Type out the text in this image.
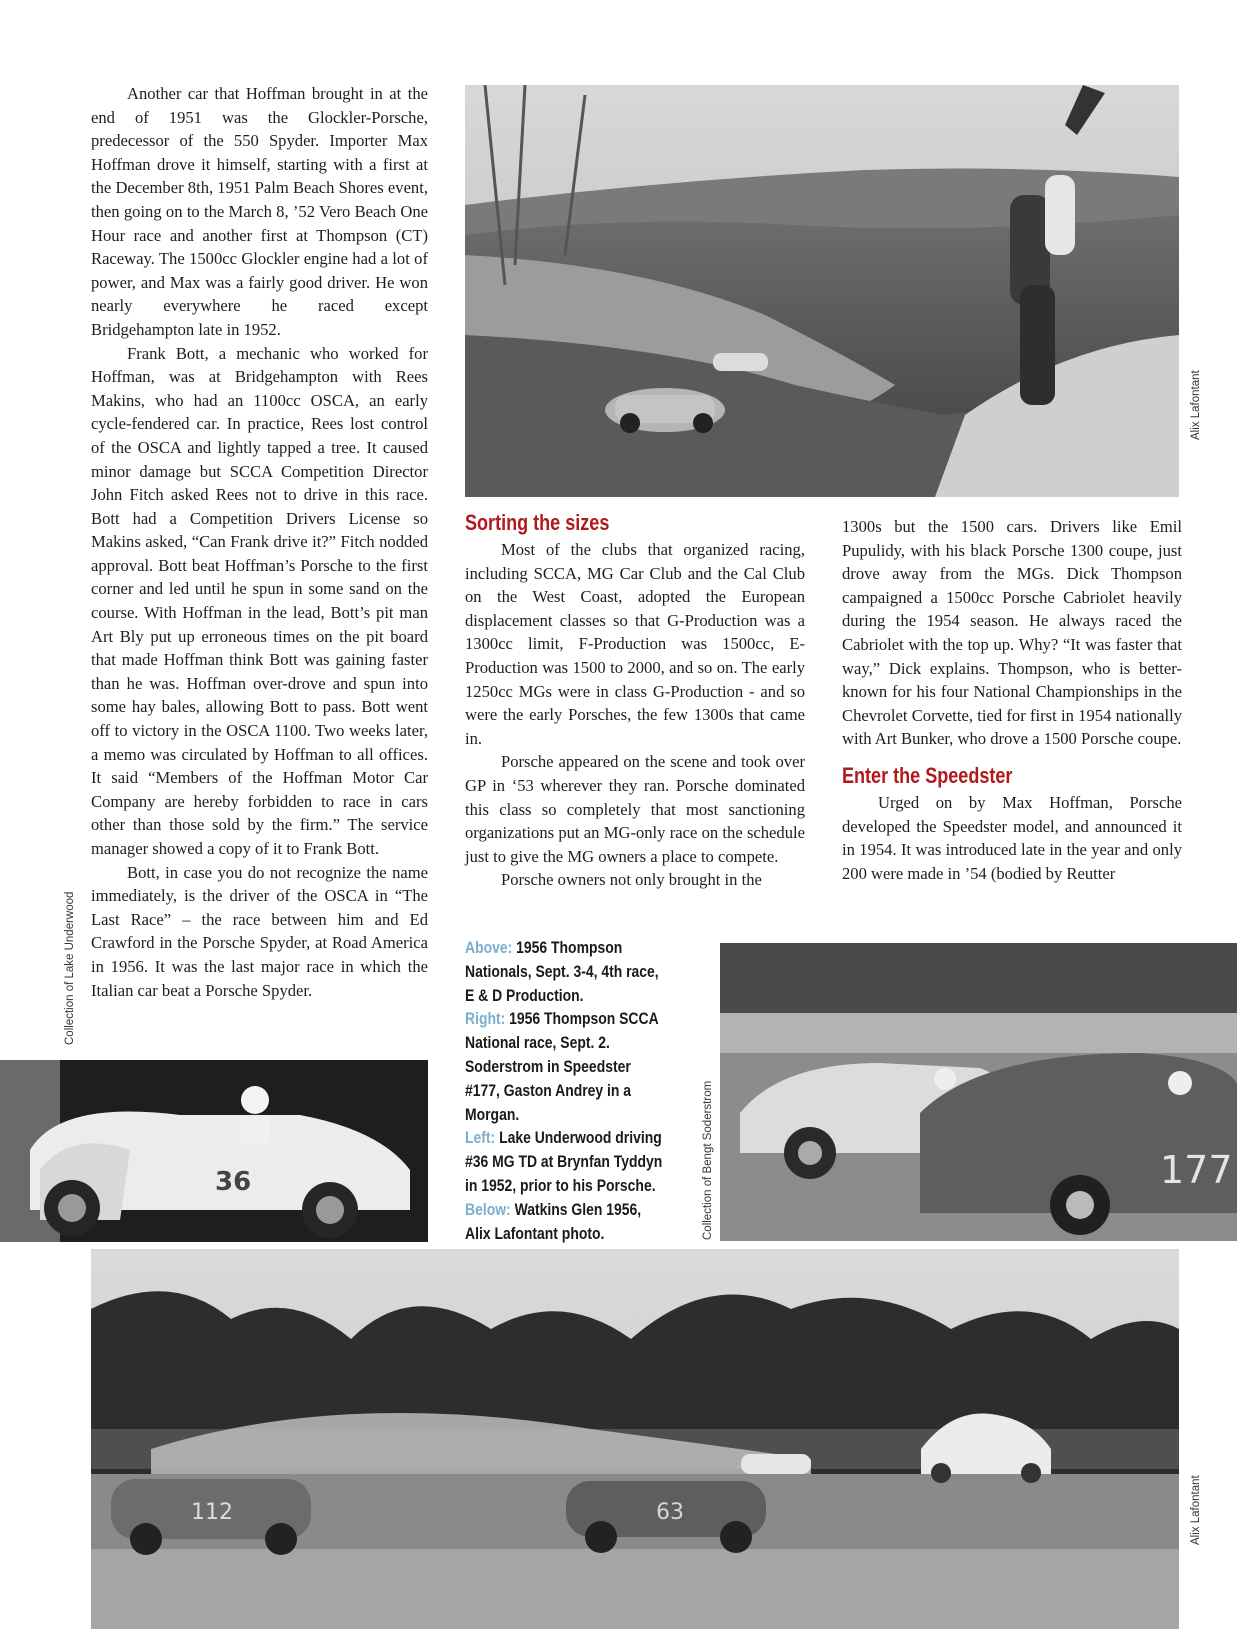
Alix Lafontant

Another car that Hoffman brought in at the end of 1951 was the Glockler-Porsche, predecessor of the 550 Spyder. Importer Max Hoffman drove it himself, starting with a first at the December 8th, 1951 Palm Beach Shores event, then going on to the March 8, ’52 Vero Beach One Hour race and another first at Thompson (CT) Raceway. The 1500cc Glockler engine had a lot of power, and Max was a fairly good driver. He won nearly everywhere he raced except Bridgehampton late in 1952.

Frank Bott, a mechanic who worked for Hoffman, was at Bridgehampton with Rees Makins, who had an 1100cc OSCA, an early cycle-fendered car. In practice, Rees lost control of the OSCA and lightly tapped a tree. It caused minor damage but SCCA Competition Director John Fitch asked Rees not to drive in this race. Bott had a Competition Drivers License so Makins asked, “Can Frank drive it?” Fitch nodded approval. Bott beat Hoffman’s Porsche to the first corner and led until he spun in some sand on the course. With Hoffman in the lead, Bott’s pit man Art Bly put up erroneous times on the pit board that made Hoffman think Bott was gaining faster than he was. Hoffman over-drove and spun into some hay bales, allowing Bott to pass. Bott went off to victory in the OSCA 1100. Two weeks later, a memo was circulated by Hoffman to all offices. It said “Members of the Hoffman Motor Car Company are hereby forbidden to race in cars other than those sold by the firm.” The service manager showed a copy of it to Frank Bott.

Bott, in case you do not recognize the name immediately, is the driver of the OSCA in “The Last Race” – the race between him and Ed Crawford in the Porsche Spyder, at Road America in 1956. It was the last major race in which the Italian car beat a Porsche Spyder.

Collection of Lake Underwood
Sorting the sizes

Most of the clubs that organized racing, including SCCA, MG Car Club and the Cal Club on the West Coast, adopted the European displacement classes so that G-Production was a 1300cc limit, F-Production was 1500cc, E-Production was 1500 to 2000, and so on. The early 1250cc MGs were in class G-Production - and so were the early Porsches, the few 1300s that came in.

Porsche appeared on the scene and took over GP in ‘53 wherever they ran. Porsche dominated this class so completely that most sanctioning organizations put an MG-only race on the schedule just to give the MG owners a place to compete.

Porsche owners not only brought in the

1300s but the 1500 cars. Drivers like Emil Pupulidy, with his black Porsche 1300 coupe, just drove away from the MGs. Dick Thompson campaigned a 1500cc Porsche Cabriolet heavily during the 1954 season. He always raced the Cabriolet with the top up. Why? “It was faster that way,” Dick explains. Thompson, who is better-known for his four National Championships in the Chevrolet Corvette, tied for first in 1954 nationally with Art Bunker, who drove a 1500 Porsche coupe.

Enter the Speedster

Urged on by Max Hoffman, Porsche developed the Speedster model, and announced it in 1954. It was introduced late in the year and only 200 were made in ’54 (bodied by Reutter

Above: 1956 Thompson
Nationals, Sept. 3-4, 4th race,
E & D Production.
Right: 1956 Thompson SCCA
National race, Sept. 2.
Soderstrom in Speedster
#177, Gaston Andrey in a
Morgan.
Left: Lake Underwood driving
#36 MG TD at Brynfan Tyddyn
in 1952, prior to his Porsche.
Below: Watkins Glen 1956,
Alix Lafontant photo.	Collection of Bengt Soderstrom
36	177
112	63	Alix Lafontant
